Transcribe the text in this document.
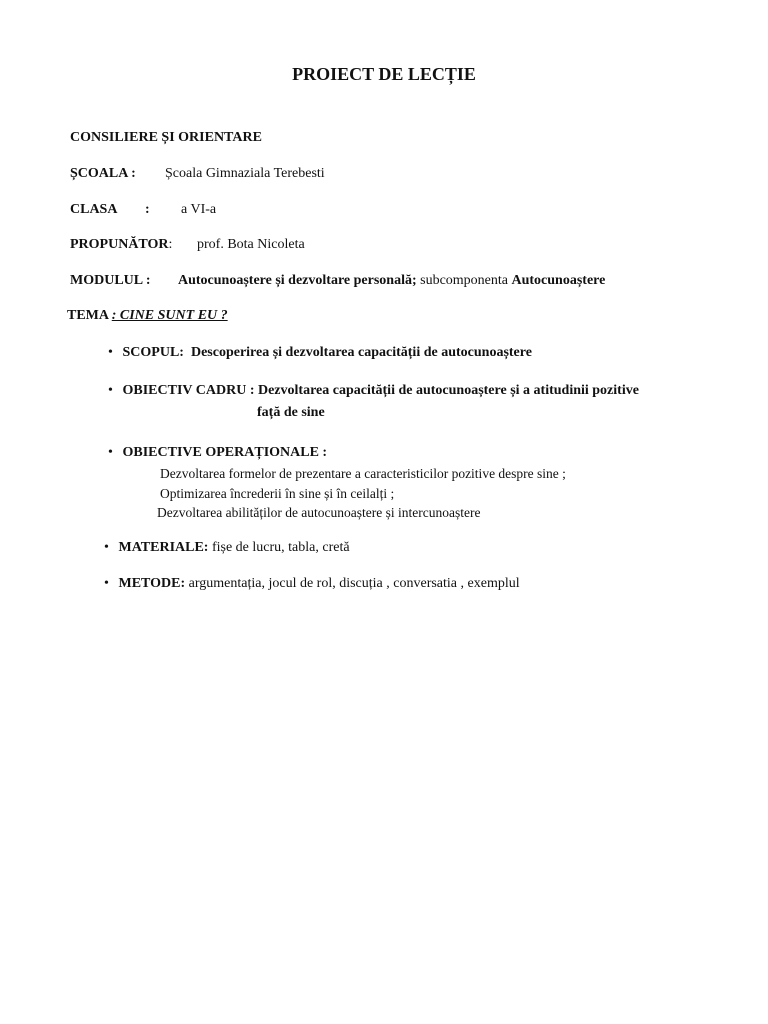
PROIECT DE LECȚIE
CONSILIERE ȘI ORIENTARE
ȘCOALA : Școala Gimnaziala Terebesti
CLASA : a VI-a
PROPUNĂTOR: prof. Bota Nicoleta
MODULUL : Autocunoaștere și dezvoltare personală; subcomponenta Autocunoaștere
TEMA : CINE SUNT EU ?
• SCOPUL: Descoperirea și dezvoltarea capacității de autocunoaștere
• OBIECTIV CADRU : Dezvoltarea capacității de autocunoaștere și a atitudinii pozitive
față de sine
• OBIECTIVE OPERAȚIONALE :
Dezvoltarea formelor de prezentare a caracteristicilor pozitive despre sine ;
Optimizarea încrederii în sine și în ceilalți ;
Dezvoltarea abilităților de autocunoaștere și intercunoaștere
• MATERIALE: fișe de lucru, tabla, cretă
• METODE: argumentația, jocul de rol, discuția , conversatia , exemplul
